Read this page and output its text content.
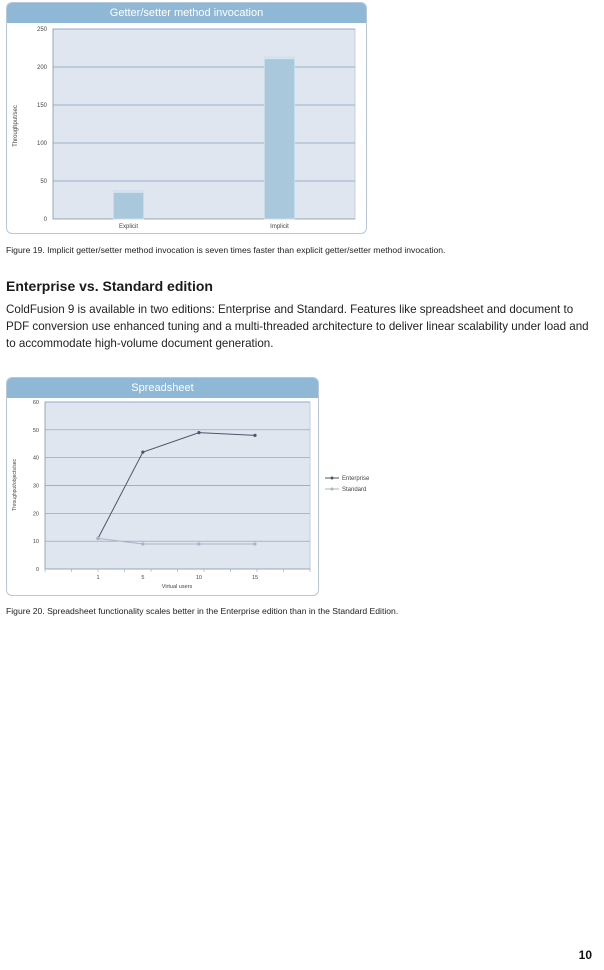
Getter/setter method invocation
Throughput/sec
0
50
100
150
200
250
Explicit	Implicit
Figure 19. Implicit getter/setter method invocation is seven times faster than explicit getter/setter method invocation.
Enterprise vs. Standard edition

ColdFusion 9 is available in two editions: Enterprise and Standard. Features like spreadsheet and document to PDF conversion use enhanced tuning and a multi-threaded architecture to deliver linear scalability under load and to accommodate high-volume document generation.

Spreadsheet
Throughput/objects/sec
Virtual users
0
10
20
30
40
50
60
1	5	10	15
Enterprise
Standard
Figure 20. Spreadsheet functionality scales better in the Enterprise edition than in the Standard Edition.
10
